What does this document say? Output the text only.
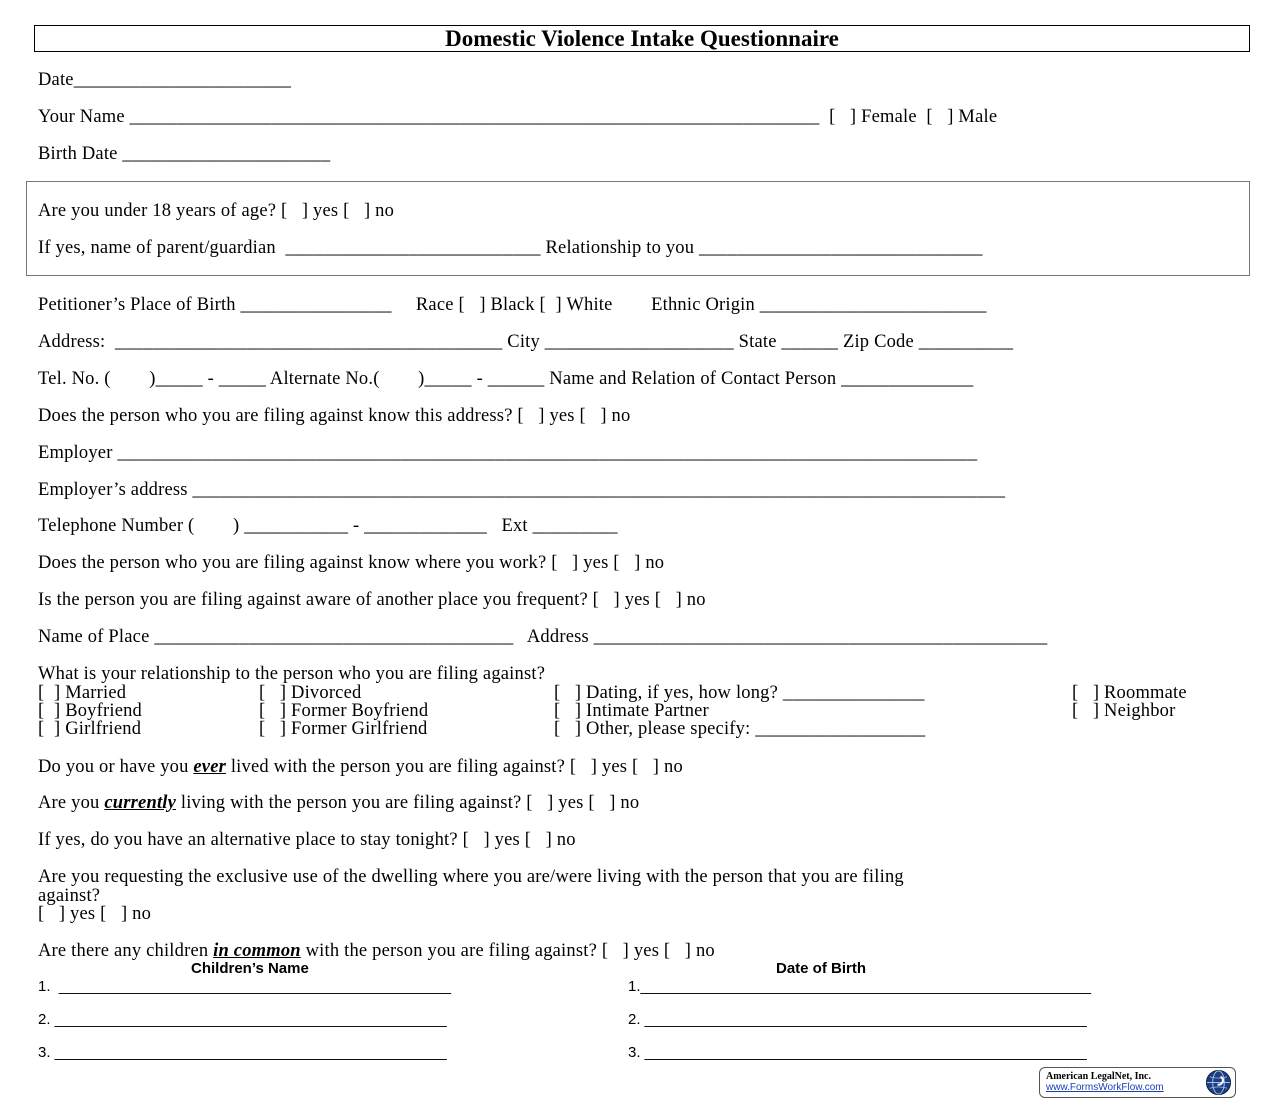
Domestic Violence Intake Questionnaire
Date_______________________
Your Name _________________________________________________________________________  [   ] Female  [   ] Male
Birth Date ______________________
Are you under 18 years of age? [   ] yes [   ] no
If yes, name of parent/guardian  ___________________________ Relationship to you ______________________________
Petitioner’s Place of Birth ________________     Race [   ] Black [  ] White        Ethnic Origin ________________________
Address:  _________________________________________ City ____________________ State ______ Zip Code __________
Tel. No. (        )_____ - _____ Alternate No.(        )_____ - ______ Name and Relation of Contact Person ______________
Does the person who you are filing against know this address? [   ] yes [   ] no
Employer ___________________________________________________________________________________________
Employer’s address ______________________________________________________________________________________
Telephone Number (        ) ___________ - _____________   Ext _________
Does the person who you are filing against know where you work? [   ] yes [   ] no
Is the person you are filing against aware of another place you frequent? [   ] yes [   ] no
Name of Place ______________________________________   Address ________________________________________________
What is your relationship to the person who you are filing against?
[  ] Married
[  ] Boyfriend
[  ] Girlfriend
[   ] Divorced
[   ] Former Boyfriend
[   ] Former Girlfriend
[   ] Dating, if yes, how long? _______________
[   ] Intimate Partner
[   ] Other, please specify: __________________
[   ] Roommate
[   ] Neighbor
Do you or have you ever lived with the person you are filing against? [   ] yes [   ] no
Are you currently living with the person you are filing against? [   ] yes [   ] no
If yes, do you have an alternative place to stay tonight? [   ] yes [   ] no
Are you requesting the exclusive use of the dwelling where you are/were living with the person that you are filing
against?
[   ] yes [   ] no
Are there any children in common with the person you are filing against? [   ] yes [   ] no
Children’s Name	Date of Birth
1.  _______________________________________________
2. _______________________________________________
3. _______________________________________________
1.______________________________________________________
2. _____________________________________________________
3. _____________________________________________________
American LegalNet, Inc.
www.FormsWorkFlow.com
